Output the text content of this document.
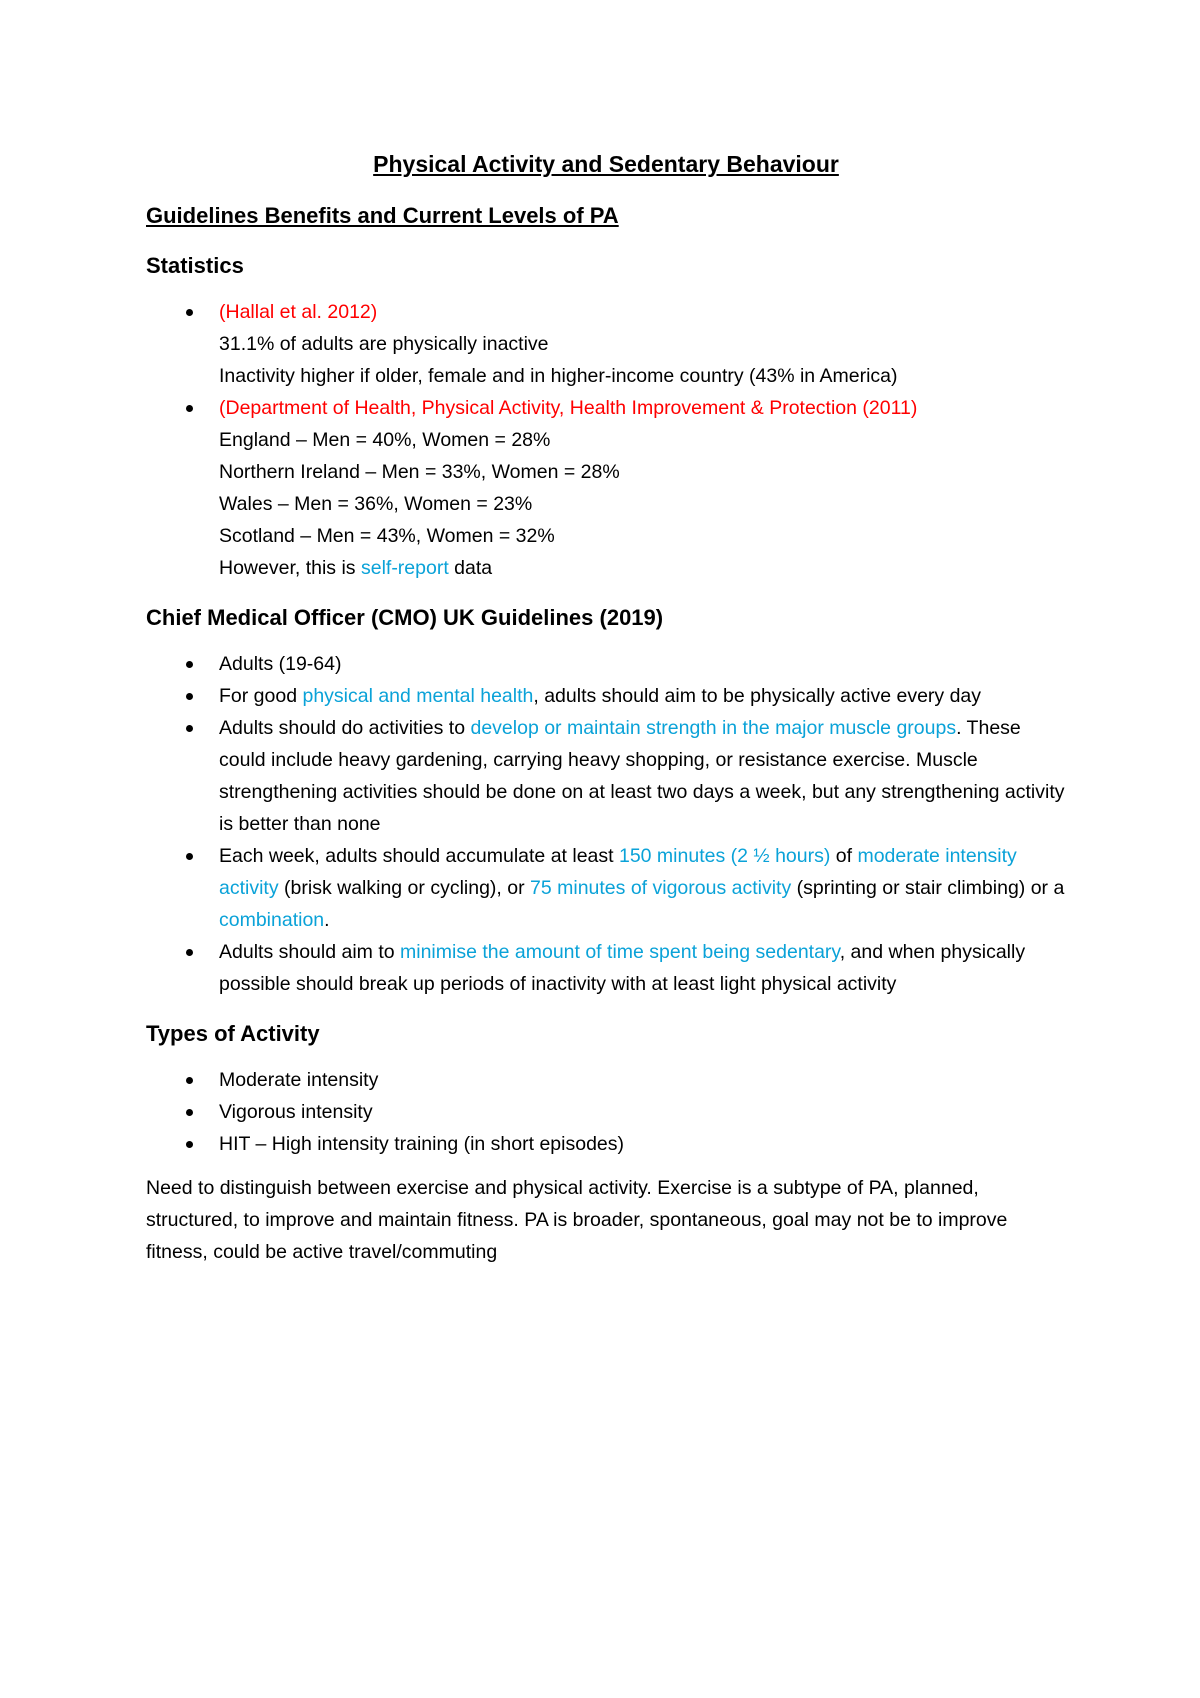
Physical Activity and Sedentary Behaviour
Guidelines Benefits and Current Levels of PA
Statistics
(Hallal et al. 2012)
31.1% of adults are physically inactive
Inactivity higher if older, female and in higher-income country (43% in America)
(Department of Health, Physical Activity, Health Improvement & Protection (2011)
England – Men = 40%, Women = 28%
Northern Ireland – Men = 33%, Women = 28%
Wales – Men = 36%, Women = 23%
Scotland – Men = 43%, Women = 32%
However, this is self-report data
Chief Medical Officer (CMO) UK Guidelines (2019)
Adults (19-64)
For good physical and mental health, adults should aim to be physically active every day
Adults should do activities to develop or maintain strength in the major muscle groups. These could include heavy gardening, carrying heavy shopping, or resistance exercise. Muscle strengthening activities should be done on at least two days a week, but any strengthening activity is better than none
Each week, adults should accumulate at least 150 minutes (2 ½ hours) of moderate intensity activity (brisk walking or cycling), or 75 minutes of vigorous activity (sprinting or stair climbing) or a combination.
Adults should aim to minimise the amount of time spent being sedentary, and when physically possible should break up periods of inactivity with at least light physical activity
Types of Activity
Moderate intensity
Vigorous intensity
HIT – High intensity training (in short episodes)

Need to distinguish between exercise and physical activity. Exercise is a subtype of PA, planned, structured, to improve and maintain fitness. PA is broader, spontaneous, goal may not be to improve fitness, could be active travel/commuting
